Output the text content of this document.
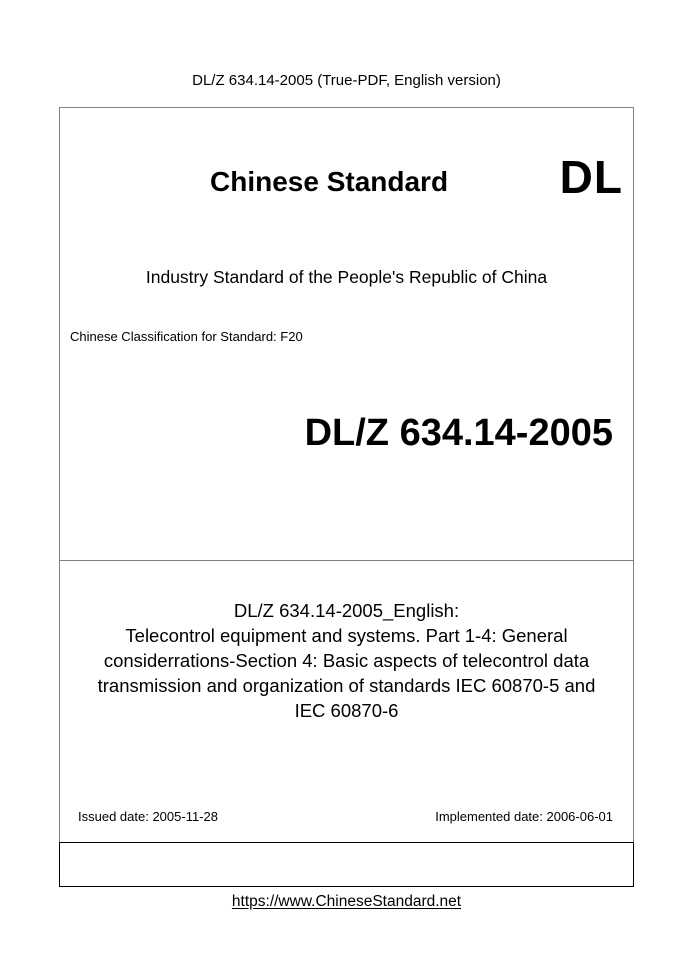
DL/Z 634.14-2005 (True-PDF, English version)
Chinese Standard DL
Industry Standard of the People's Republic of China
Chinese Classification for Standard: F20
DL/Z 634.14-2005
DL/Z 634.14-2005_English:
Telecontrol equipment and systems. Part 1-4: General
considerrations-Section 4: Basic aspects of telecontrol data
transmission and organization of standards IEC 60870-5 and
IEC 60870-6
Issued date: 2005-11-28	Implemented date: 2006-06-01
https://www.ChineseStandard.net
